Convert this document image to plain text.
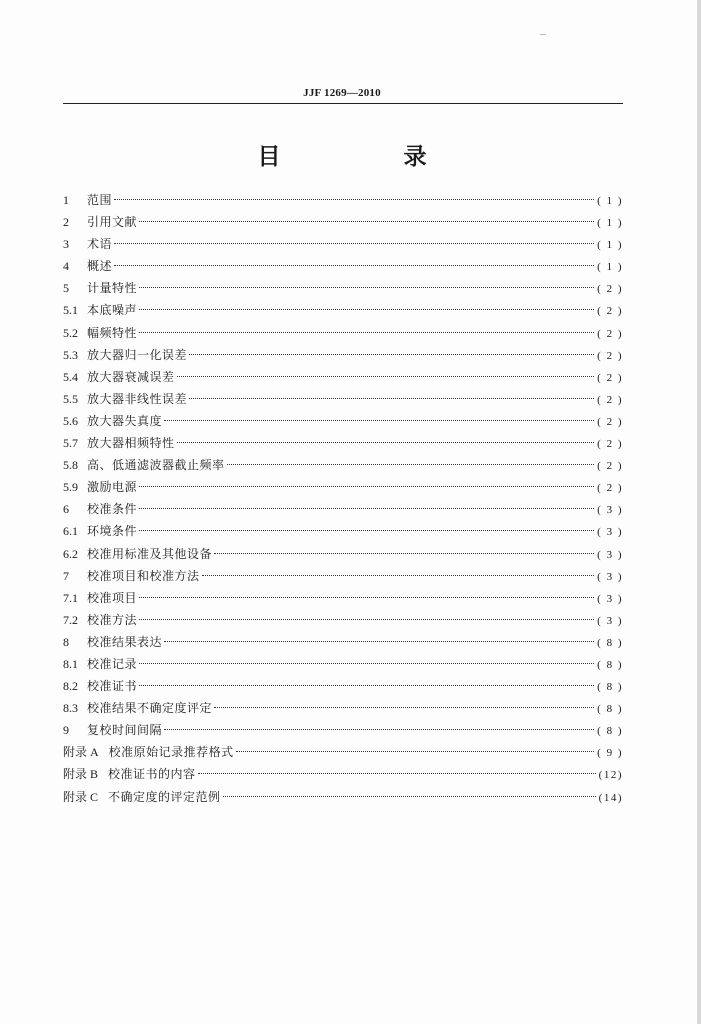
JJF 1269—2010
目　录
1	范围	( 1 )
2	引用文献	( 1 )
3	术语	( 1 )
4	概述	( 1 )
5	计量特性	( 2 )
5.1 本底噪声	( 2 )
5.2 幅频特性	( 2 )
5.3 放大器归一化误差	( 2 )
5.4 放大器衰减误差	( 2 )
5.5 放大器非线性误差	( 2 )
5.6 放大器失真度	( 2 )
5.7 放大器相频特性	( 2 )
5.8 高、低通滤波器截止频率	( 2 )
5.9 激励电源	( 2 )
6	校准条件	( 3 )
6.1 环境条件	( 3 )
6.2 校准用标准及其他设备	( 3 )
7	校准项目和校准方法	( 3 )
7.1 校准项目	( 3 )
7.2 校准方法	( 3 )
8	校准结果表达	( 8 )
8.1 校准记录	( 8 )
8.2 校准证书	( 8 )
8.3 校准结果不确定度评定	( 8 )
9	复校时间间隔	( 8 )
附录 A 校准原始记录推荐格式	( 9 )
附录 B 校准证书的内容	(12)
附录 C 不确定度的评定范例	(14)
